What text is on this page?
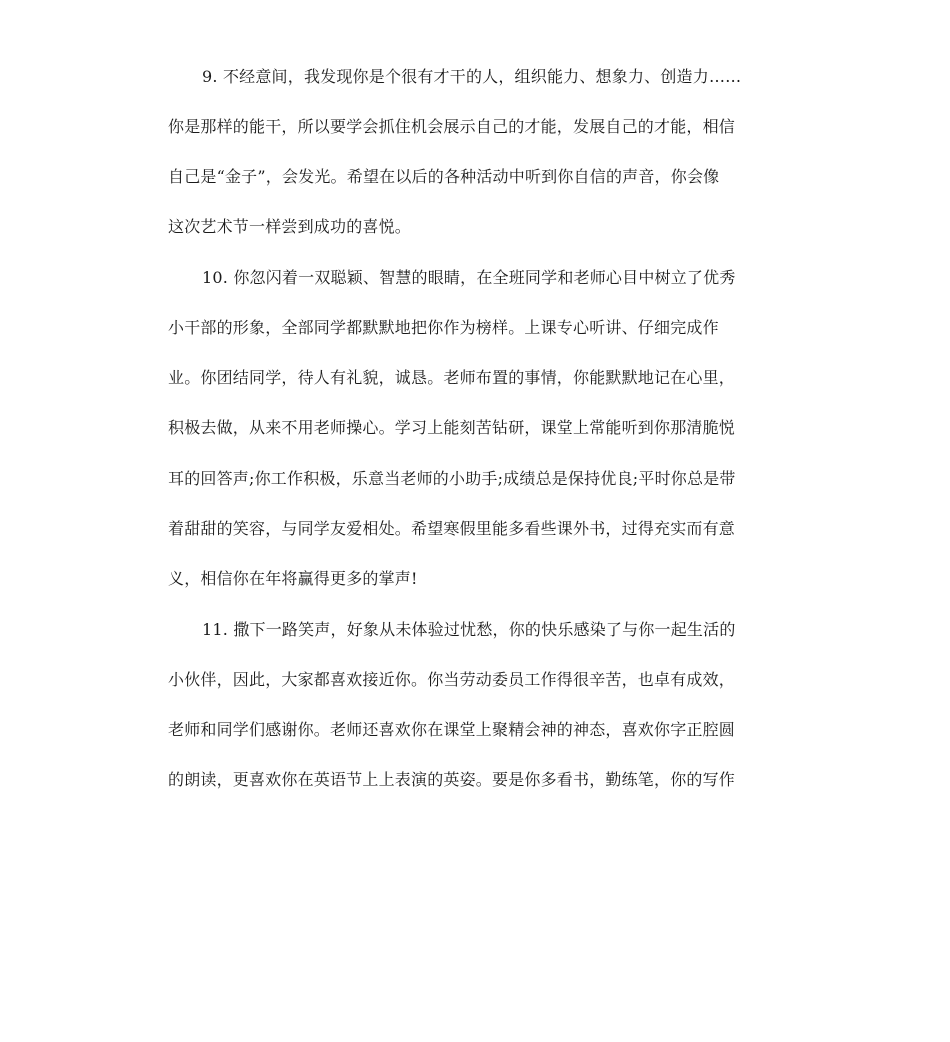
9. 不经意间，我发现你是个很有才干的人，组织能力、想象力、创造力……
你是那样的能干，所以要学会抓住机会展示自己的才能，发展自己的才能，相信
自己是“金子”，会发光。希望在以后的各种活动中听到你自信的声音，你会像
这次艺术节一样尝到成功的喜悦。
10. 你忽闪着一双聪颖、智慧的眼睛，在全班同学和老师心目中树立了优秀
小干部的形象，全部同学都默默地把你作为榜样。上课专心听讲、仔细完成作
业。你团结同学，待人有礼貌，诚恳。老师布置的事情，你能默默地记在心里，
积极去做，从来不用老师操心。学习上能刻苦钻研，课堂上常能听到你那清脆悦
耳的回答声;你工作积极，乐意当老师的小助手;成绩总是保持优良;平时你总是带
着甜甜的笑容，与同学友爱相处。希望寒假里能多看些课外书，过得充实而有意
义，相信你在年将赢得更多的掌声!
11. 撒下一路笑声，好象从未体验过忧愁，你的快乐感染了与你一起生活的
小伙伴，因此，大家都喜欢接近你。你当劳动委员工作得很辛苦，也卓有成效，
老师和同学们感谢你。老师还喜欢你在课堂上聚精会神的神态，喜欢你字正腔圆
的朗读，更喜欢你在英语节上上表演的英姿。要是你多看书，勤练笔，你的写作
